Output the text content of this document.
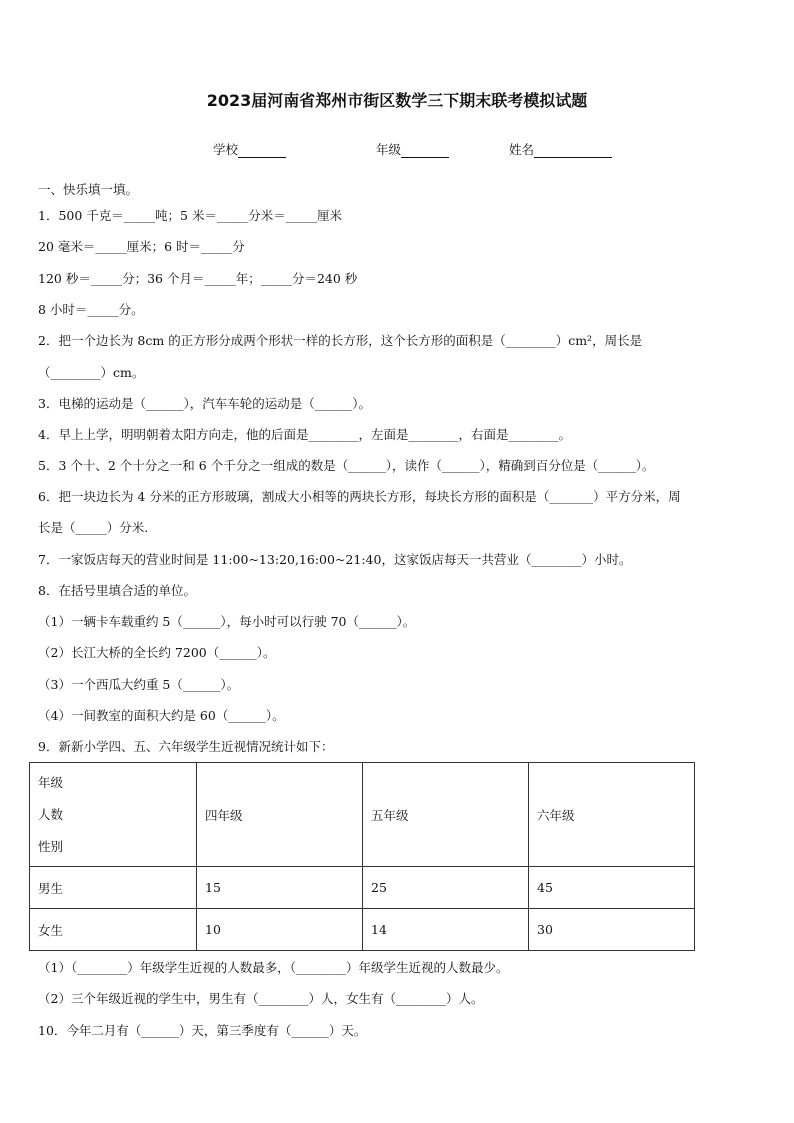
2023届河南省郑州市街区数学三下期末联考模拟试题
学校	年级	姓名
一、快乐填一填。
1．500 千克＝_____吨；5 米＝_____分米＝_____厘米
20 毫米＝_____厘米；6 时＝_____分
120 秒＝_____分；36 个月＝_____年；_____分＝240 秒
8 小时＝_____分。
2．把一个边长为 8cm 的正方形分成两个形状一样的长方形，这个长方形的面积是（________）cm²，周长是
（________）cm。
3．电梯的运动是（______），汽车车轮的运动是（______）。
4．早上上学，明明朝着太阳方向走，他的后面是________，左面是________，右面是________。
5．3 个十、2 个十分之一和 6 个千分之一组成的数是（______），读作（______），精确到百分位是（______）。
6．把一块边长为 4 分米的正方形玻璃，割成大小相等的两块长方形，每块长方形的面积是（_______）平方分米，周
长是（_____）分米.
7．一家饭店每天的营业时间是 11:00~13:20,16:00~21:40，这家饭店每天一共营业（________）小时。
8．在括号里填合适的单位。
（1）一辆卡车载重约 5（______），每小时可以行驶 70（______）。
（2）长江大桥的全长约 7200（______）。
（3）一个西瓜大约重 5（______）。
（4）一间教室的面积大约是 60（______）。
9．新新小学四、五、六年级学生近视情况统计如下：
年级
人数
性别	四年级	五年级	六年级
男生	15	25	45
女生	10	14	30
（1）（________）年级学生近视的人数最多，（________）年级学生近视的人数最少。
（2）三个年级近视的学生中，男生有（________）人，女生有（________）人。
10．今年二月有（______）天，第三季度有（______）天。
